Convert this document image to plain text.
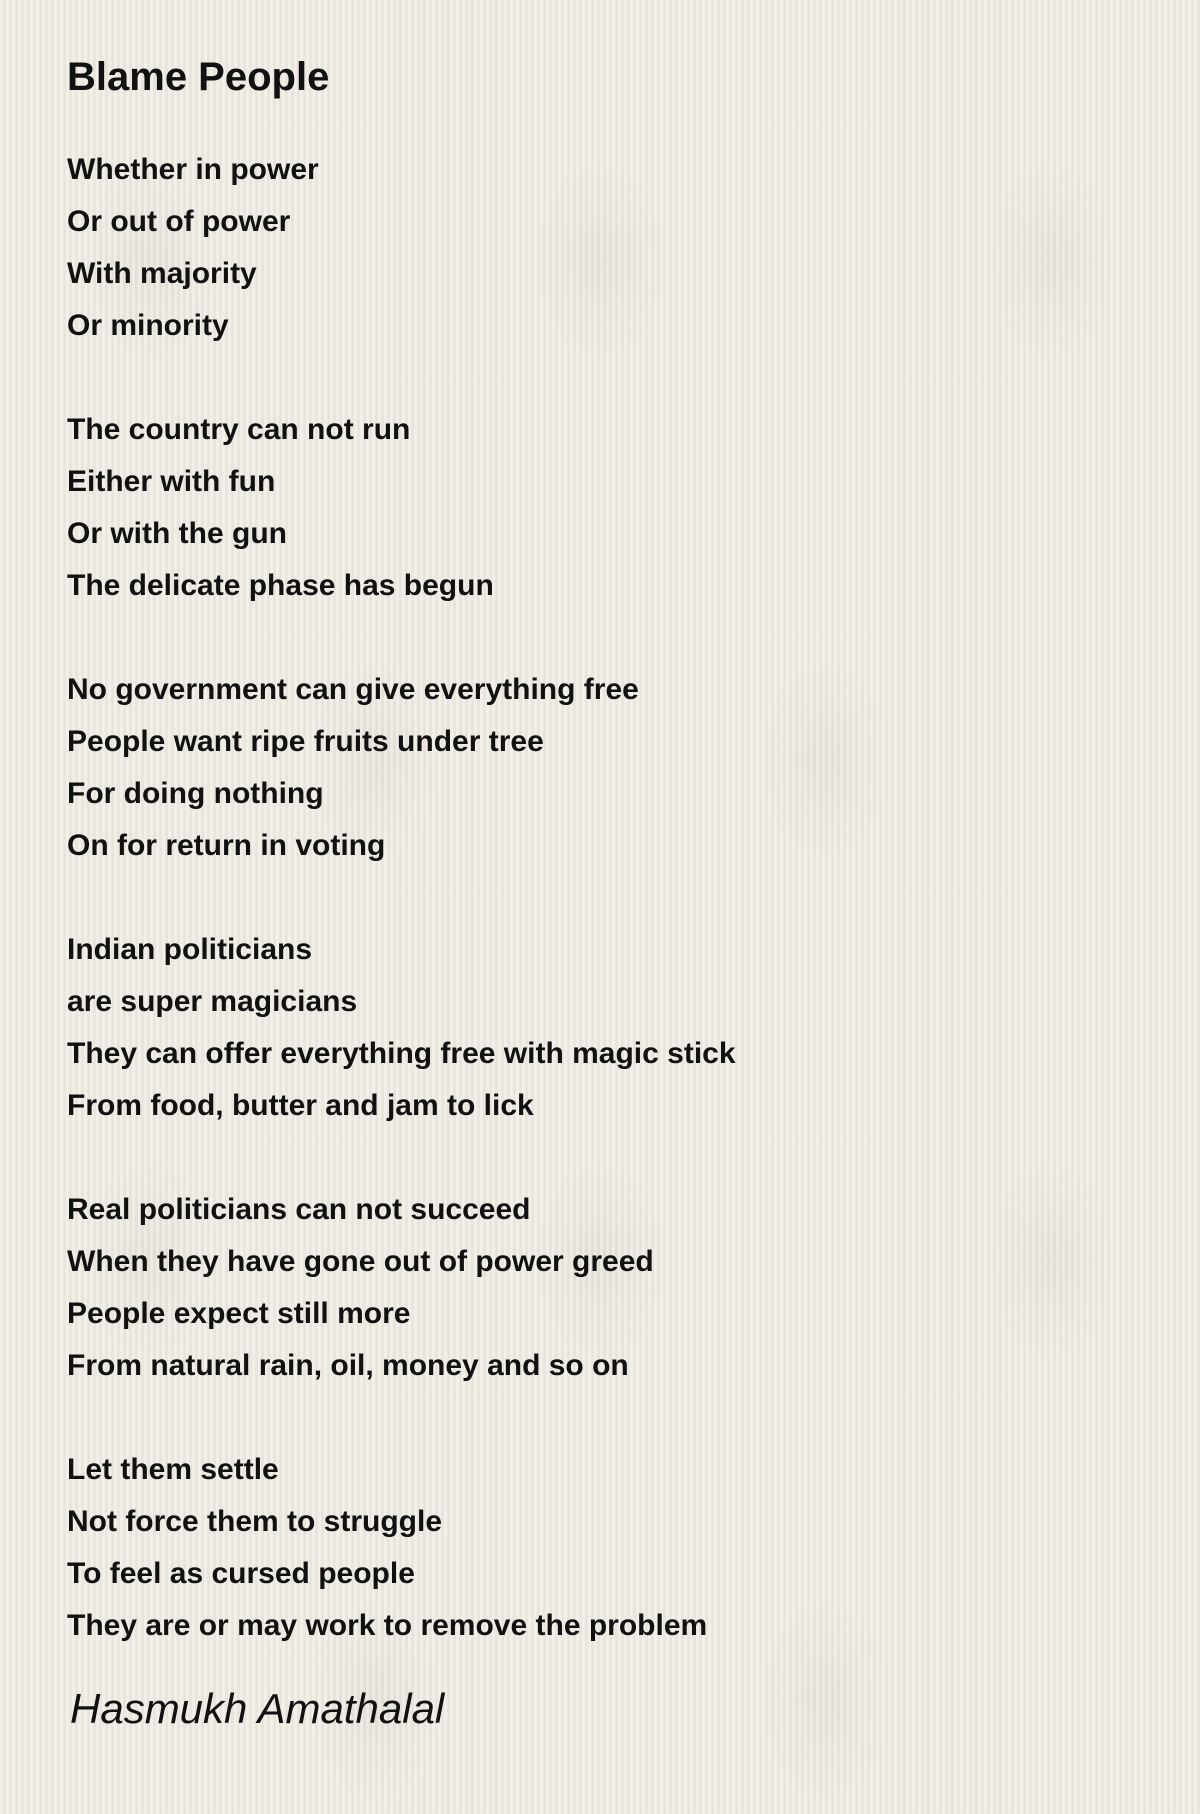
Blame People
Whether in power
Or out of power
With majority
Or minority
The country can not run
Either with fun
Or with the gun
The delicate phase has begun
No government can give everything free
People want ripe fruits under tree
For doing nothing
On for return in voting
Indian politicians
are super magicians
They can offer everything free with magic stick
From food, butter and jam to lick
Real politicians can not succeed
When they have gone out of power greed
People expect still more
From natural rain, oil, money and so on
Let them settle
Not force them to struggle
To feel as cursed people
They are or may work to remove the problem
Hasmukh Amathalal
